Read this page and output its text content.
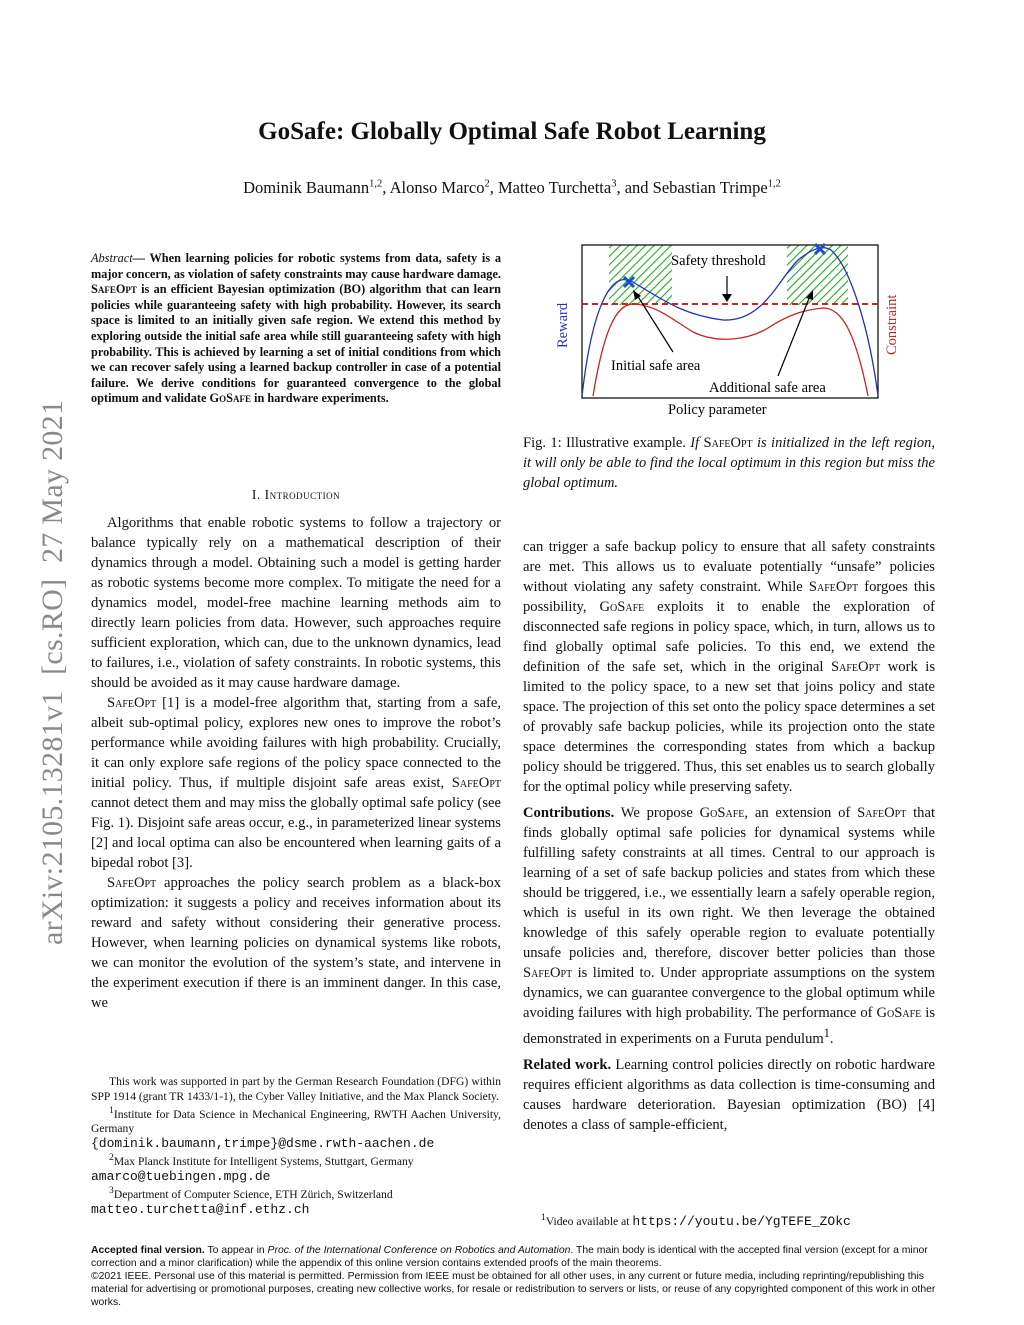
GoSafe: Globally Optimal Safe Robot Learning
Dominik Baumann$^{1,2}$, Alonso Marco$^2$, Matteo Turchetta$^3$, and Sebastian Trimpe$^{1,2}$
arXiv:2105.13281v1  [cs.RO]  27 May 2021
Abstract— When learning policies for robotic systems from data, safety is a major concern, as violation of safety constraints may cause hardware damage. SafeOpt is an efficient Bayesian optimization (BO) algorithm that can learn policies while guaranteeing safety with high probability. However, its search space is limited to an initially given safe region. We extend this method by exploring outside the initial safe area while still guaranteeing safety with high probability. This is achieved by learning a set of initial conditions from which we can recover safely using a learned backup controller in case of a potential failure. We derive conditions for guaranteed convergence to the global optimum and validate GoSafe in hardware experiments.
I. Introduction

Algorithms that enable robotic systems to follow a trajectory or balance typically rely on a mathematical description of their dynamics through a model. Obtaining such a model is getting harder as robotic systems become more complex. To mitigate the need for a dynamics model, model-free machine learning methods aim to directly learn policies from data. However, such approaches require sufficient exploration, which can, due to the unknown dynamics, lead to failures, i.e., violation of safety constraints. In robotic systems, this should be avoided as it may cause hardware damage.

SafeOpt [1] is a model-free algorithm that, starting from a safe, albeit sub-optimal policy, explores new ones to improve the robot’s performance while avoiding failures with high probability. Crucially, it can only explore safe regions of the policy space connected to the initial policy. Thus, if multiple disjoint safe areas exist, SafeOpt cannot detect them and may miss the globally optimal safe policy (see Fig. 1). Disjoint safe areas occur, e.g., in parameterized linear systems [2] and local optima can also be encountered when learning gaits of a bipedal robot [3].

SafeOpt approaches the policy search problem as a black-box optimization: it suggests a policy and receives information about its reward and safety without considering their generative process. However, when learning policies on dynamical systems like robots, we can monitor the evolution of the system’s state, and intervene in the experiment execution if there is an imminent danger. In this case, we

This work was supported in part by the German Research Foundation (DFG) within SPP 1914 (grant TR 1433/1-1), the Cyber Valley Initiative, and the Max Planck Society.

$^1$Institute for Data Science in Mechanical Engineering, RWTH Aachen University, Germany

{dominik.baumann,trimpe}@dsme.rwth-aachen.de

$^2$Max Planck Institute for Intelligent Systems, Stuttgart, Germany

amarco@tuebingen.mpg.de

$^3$Department of Computer Science, ETH Zürich, Switzerland

matteo.turchetta@inf.ethz.ch
Safety threshold
Initial safe area
Additional safe area
Policy parameter
Reward	Constraint
Fig. 1: Illustrative example. If SafeOpt is initialized in the left region, it will only be able to find the local optimum in this region but miss the global optimum.

can trigger a safe backup policy to ensure that all safety constraints are met. This allows us to evaluate potentially “unsafe” policies without violating any safety constraint. While SafeOpt forgoes this possibility, GoSafe exploits it to enable the exploration of disconnected safe regions in policy space, which, in turn, allows us to find globally optimal safe policies. To this end, we extend the definition of the safe set, which in the original SafeOpt work is limited to the policy space, to a new set that joins policy and state space. The projection of this set onto the policy space determines a set of provably safe backup policies, while its projection onto the state space determines the corresponding states from which a backup policy should be triggered. Thus, this set enables us to search globally for the optimal policy while preserving safety.

Contributions. We propose GoSafe, an extension of SafeOpt that finds globally optimal safe policies for dynamical systems while fulfilling safety constraints at all times. Central to our approach is learning of a set of safe backup policies and states from which these should be triggered, i.e., we essentially learn a safely operable region, which is useful in its own right. We then leverage the obtained knowledge of this safely operable region to evaluate potentially unsafe policies and, therefore, discover better policies than those SafeOpt is limited to. Under appropriate assumptions on the system dynamics, we can guarantee convergence to the global optimum while avoiding failures with high probability. The performance of GoSafe is demonstrated in experiments on a Furuta pendulum$^1$.

Related work. Learning control policies directly on robotic hardware requires efficient algorithms as data collection is time-consuming and causes hardware deterioration. Bayesian optimization (BO) [4] denotes a class of sample-efficient,

$^1$Video available at https://youtu.be/YgTEFE_ZOkc
Accepted final version. To appear in Proc. of the International Conference on Robotics and Automation. The main body is identical with the accepted final version (except for a minor correction and a minor clarification) while the appendix of this online version contains extended proofs of the main theorems.
©2021 IEEE. Personal use of this material is permitted. Permission from IEEE must be obtained for all other uses, in any current or future media, including reprinting/republishing this material for advertising or promotional purposes, creating new collective works, for resale or redistribution to servers or lists, or reuse of any copyrighted component of this work in other works.
